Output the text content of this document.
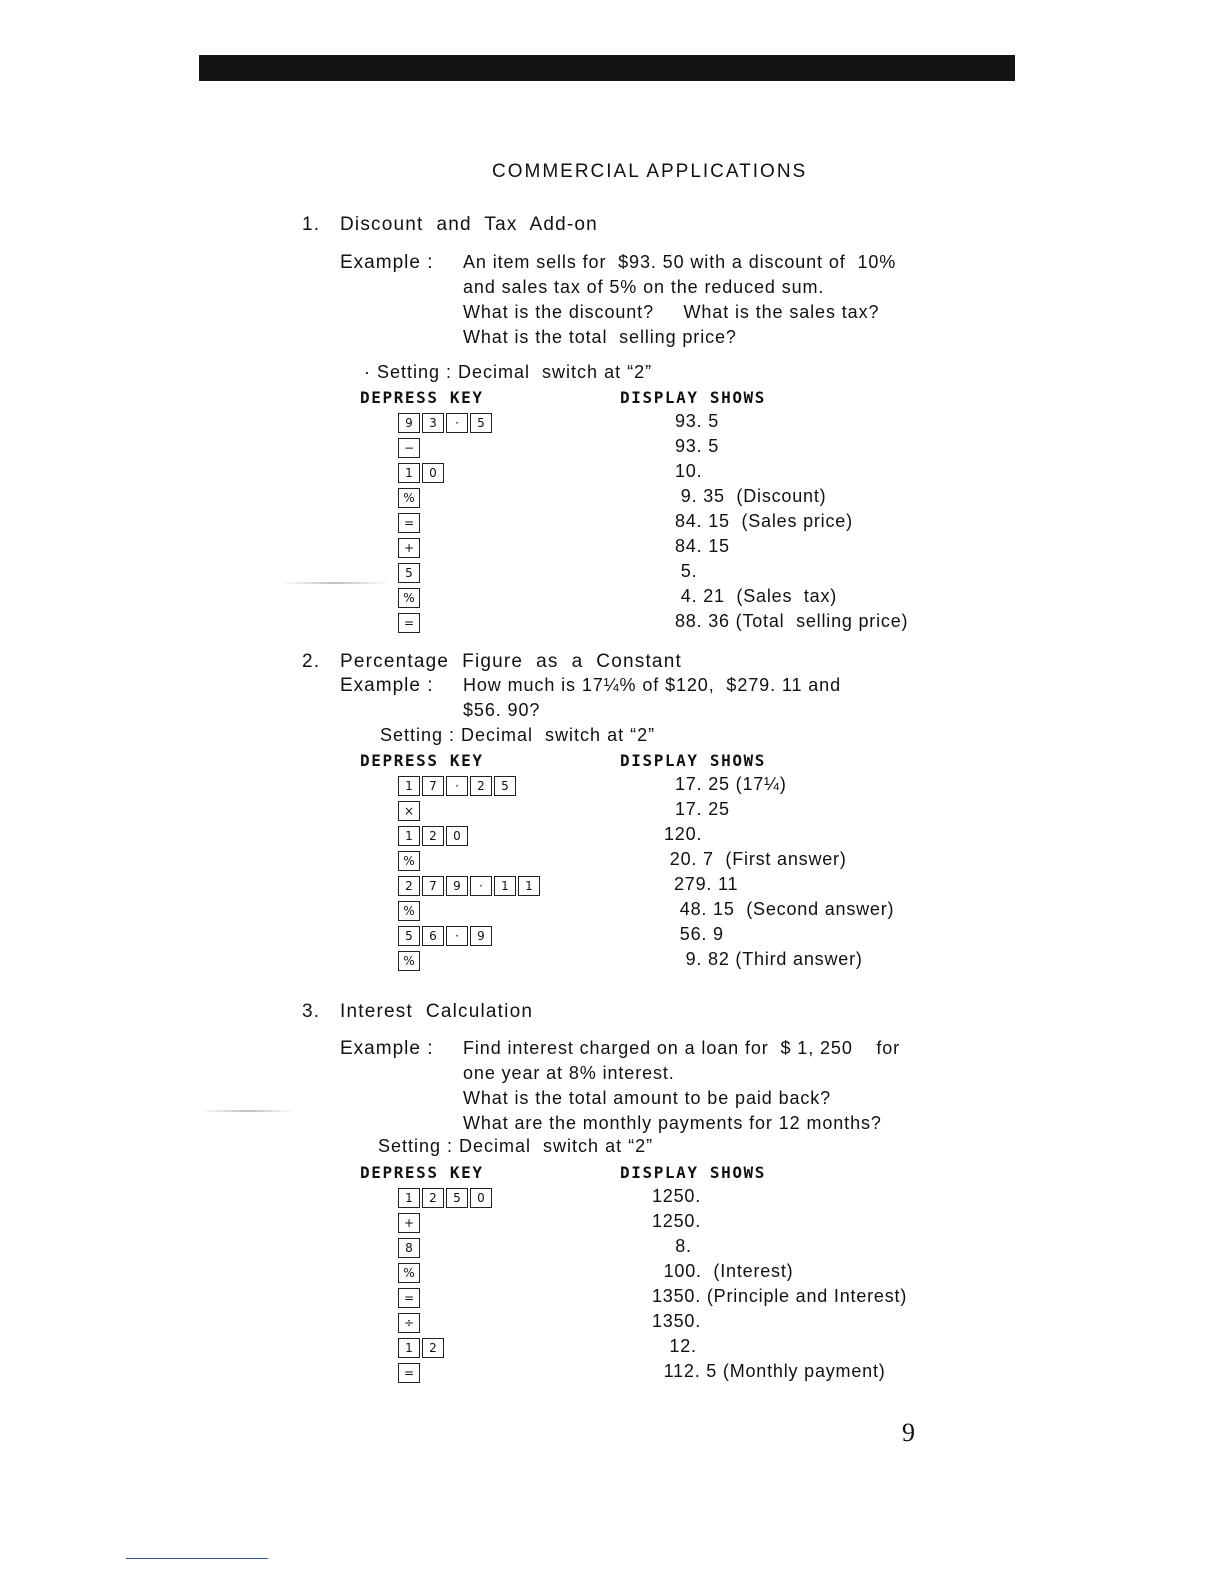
COMMERCIAL APPLICATIONS
1. Discount  and  Tax  Add-on
Example : An item sells for  $93. 50 with a discount of  10%
and sales tax of 5% on the reduced sum.
What is the discount?     What is the sales tax?
What is the total  selling price?
· Setting : Decimal  switch at “2”
DEPRESS KEY	DISPLAY SHOWS
9	3	·	5	93. 5
−	93. 5
1	0	10.
%	9. 35  (Discount)
=	84. 15  (Sales price)
+	84. 15
5	5.
%	4. 21  (Sales  tax)
=	88. 36 (Total  selling price)
2. Percentage  Figure  as  a  Constant
Example : How much is 17¼% of $120,  $279. 11 and
$56. 90?
Setting : Decimal  switch at “2”
DEPRESS KEY	DISPLAY SHOWS
1	7	·	2	5	17. 25 (17¼)
×	17. 25
1	2	0	120.
%	20. 7  (First answer)
2	7	9	·	1	1	279. 11
%	48. 15  (Second answer)
5	6	·	9	56. 9
%	9. 82 (Third answer)
3. Interest  Calculation
Example : Find interest charged on a loan for  $ 1, 250    for
one year at 8% interest.
What is the total amount to be paid back?
What are the monthly payments for 12 months?
Setting : Decimal  switch at “2”
DEPRESS KEY	DISPLAY SHOWS
1	2	5	0	1250.
+	1250.
8	8.
%	100.  (Interest)
=	1350. (Principle and Interest)
÷	1350.
1	2	12.
=	112. 5 (Monthly payment)
9
